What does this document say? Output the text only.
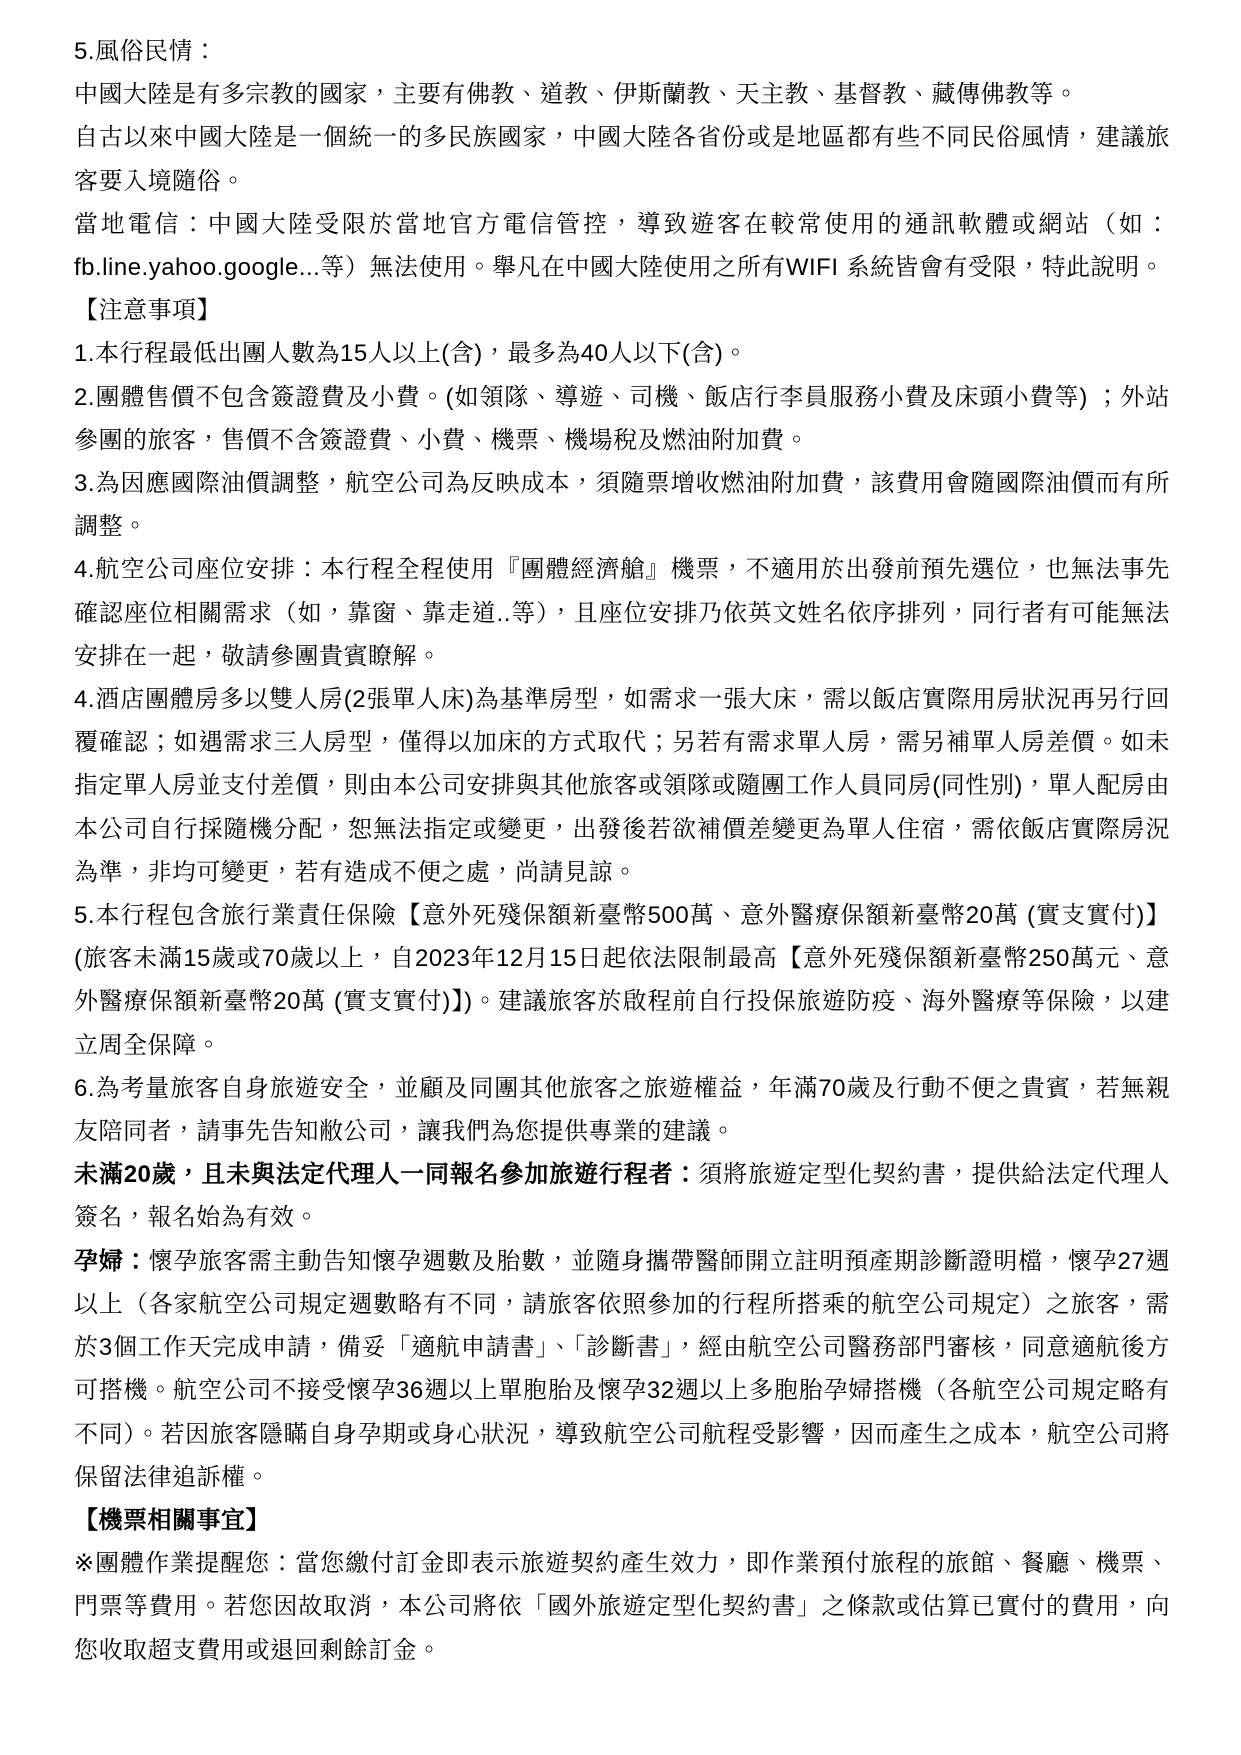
5.風俗民情：

中國大陸是有多宗教的國家，主要有佛教、道教、伊斯蘭教、天主教、基督教、藏傳佛教等。

自古以來中國大陸是一個統一的多民族國家，中國大陸各省份或是地區都有些不同民俗風情，建議旅客要入境隨俗。

當地電信：中國大陸受限於當地官方電信管控，導致遊客在較常使用的通訊軟體或網站（如：fb.line.yahoo.google...等）無法使用。舉凡在中國大陸使用之所有WIFI 系統皆會有受限，特此說明。

【注意事項】

1.本行程最低出團人數為15人以上(含)，最多為40人以下(含)。

2.團體售價不包含簽證費及小費。(如領隊、導遊、司機、飯店行李員服務小費及床頭小費等) ；外站參團的旅客，售價不含簽證費、小費、機票、機場稅及燃油附加費。

3.為因應國際油價調整，航空公司為反映成本，須隨票增收燃油附加費，該費用會隨國際油價而有所調整。

4.航空公司座位安排：本行程全程使用『團體經濟艙』機票，不適用於出發前預先選位，也無法事先確認座位相關需求（如，靠窗、靠走道..等），且座位安排乃依英文姓名依序排列，同行者有可能無法安排在一起，敬請參團貴賓瞭解。

4.酒店團體房多以雙人房(2張單人床)為基準房型，如需求一張大床，需以飯店實際用房狀況再另行回覆確認；如遇需求三人房型，僅得以加床的方式取代；另若有需求單人房，需另補單人房差價。如未指定單人房並支付差價，則由本公司安排與其他旅客或領隊或隨團工作人員同房(同性別)，單人配房由本公司自行採隨機分配，恕無法指定或變更，出發後若欲補價差變更為單人住宿，需依飯店實際房況為準，非均可變更，若有造成不便之處，尚請見諒。

5.本行程包含旅行業責任保險【意外死殘保額新臺幣500萬、意外醫療保額新臺幣20萬 (實支實付)】(旅客未滿15歲或70歲以上，自2023年12月15日起依法限制最高【意外死殘保額新臺幣250萬元、意外醫療保額新臺幣20萬 (實支實付)】)。建議旅客於啟程前自行投保旅遊防疫、海外醫療等保險，以建立周全保障。

6.為考量旅客自身旅遊安全，並顧及同團其他旅客之旅遊權益，年滿70歲及行動不便之貴賓，若無親友陪同者，請事先告知敝公司，讓我們為您提供專業的建議。

未滿20歲，且未與法定代理人一同報名參加旅遊行程者：須將旅遊定型化契約書，提供給法定代理人簽名，報名始為有效。

孕婦：懷孕旅客需主動告知懷孕週數及胎數，並隨身攜帶醫師開立註明預產期診斷證明檔，懷孕27週以上（各家航空公司規定週數略有不同，請旅客依照參加的行程所搭乘的航空公司規定）之旅客，需於3個工作天完成申請，備妥「適航申請書」、「診斷書」，經由航空公司醫務部門審核，同意適航後方可搭機。航空公司不接受懷孕36週以上單胞胎及懷孕32週以上多胞胎孕婦搭機（各航空公司規定略有不同）。若因旅客隱瞞自身孕期或身心狀況，導致航空公司航程受影響，因而產生之成本，航空公司將保留法律追訴權。

【機票相關事宜】

※團體作業提醒您：當您繳付訂金即表示旅遊契約產生效力，即作業預付旅程的旅館、餐廳、機票、門票等費用。若您因故取消，本公司將依「國外旅遊定型化契約書」之條款或估算已實付的費用，向您收取超支費用或退回剩餘訂金。
